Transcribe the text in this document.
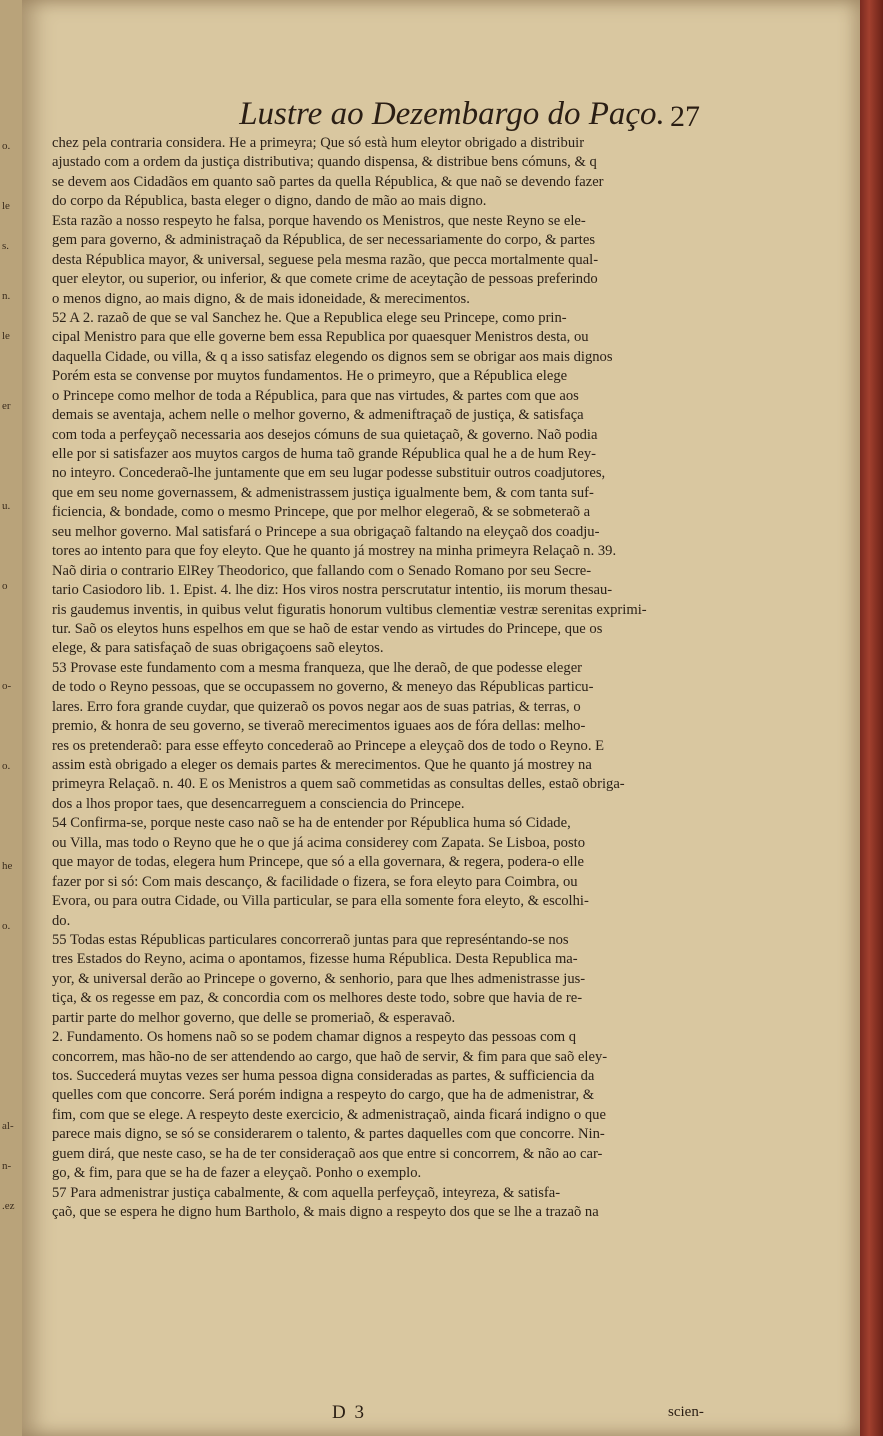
o.
le
s.
n.
le
er
u.
o
o-
o.
he
o.
al-
n-
.ez
Lustre ao Dezembargo do Paço. 27
chez pela contraria considera. He a primeyra; Que só està hum eleytor obrigado a distribuir
ajustado com a ordem da justiça distributiva; quando dispensa, & distribue bens cómuns, & q
se devem aos Cidadãos em quanto saõ partes da quella Républica, & que naõ se devendo fazer
do corpo da Républica, basta eleger o digno, dando de mão ao mais digno.
Esta razão a nosso respeyto he falsa, porque havendo os Menistros, que neste Reyno se ele-
gem para governo, & administraçaõ da Républica, de ser necessariamente do corpo, & partes
desta Républica mayor, & universal, seguese pela mesma razão, que pecca mortalmente qual-
quer eleytor, ou superior, ou inferior, & que comete crime de aceytação de pessoas preferindo
o menos digno, ao mais digno, & de mais idoneidade, & merecimentos.
52 A 2. razaõ de que se val Sanchez he. Que a Republica elege seu Princepe, como prin-
cipal Menistro para que elle governe bem essa Republica por quaesquer Menistros desta, ou
daquella Cidade, ou villa, & q a isso satisfaz elegendo os dignos sem se obrigar aos mais dignos
Porém esta se convense por muytos fundamentos. He o primeyro, que a Républica elege
o Princepe como melhor de toda a Républica, para que nas virtudes, & partes com que aos
demais se aventaja, achem nelle o melhor governo, & admeniftraçaõ de justiça, & satisfaça
com toda a perfeyçaõ necessaria aos desejos cómuns de sua quietaçaõ, & governo. Naõ podia
elle por si satisfazer aos muytos cargos de huma taõ grande Républica qual he a de hum Rey-
no inteyro. Concederaõ-lhe juntamente que em seu lugar podesse substituir outros coadjutores,
que em seu nome governassem, & admenistrassem justiça igualmente bem, & com tanta suf-
ficiencia, & bondade, como o mesmo Princepe, que por melhor elegeraõ, & se sobmeteraõ a
seu melhor governo. Mal satisfará o Princepe a sua obrigaçaõ faltando na eleyçaõ dos coadju-
tores ao intento para que foy eleyto. Que he quanto já mostrey na minha primeyra Relaçaõ n. 39.
Naõ diria o contrario ElRey Theodorico, que fallando com o Senado Romano por seu Secre-
tario Casiodoro lib. 1. Epist. 4. lhe diz: Hos viros nostra perscrutatur intentio, iis morum thesau-
ris gaudemus inventis, in quibus velut figuratis honorum vultibus clementiæ vestræ serenitas exprimi-
tur. Saõ os eleytos huns espelhos em que se haõ de estar vendo as virtudes do Princepe, que os
elege, & para satisfaçaõ de suas obrigaçoens saõ eleytos.
53 Provase este fundamento com a mesma franqueza, que lhe deraõ, de que podesse eleger
de todo o Reyno pessoas, que se occupassem no governo, & meneyo das Républicas particu-
lares. Erro fora grande cuydar, que quizeraõ os povos negar aos de suas patrias, & terras, o
premio, & honra de seu governo, se tiveraõ merecimentos iguaes aos de fóra dellas: melho-
res os pretenderaõ: para esse effeyto concederaõ ao Princepe a eleyçaõ dos de todo o Reyno. E
assim està obrigado a eleger os demais partes & merecimentos. Que he quanto já mostrey na
primeyra Relaçaõ. n. 40. E os Menistros a quem saõ commetidas as consultas delles, estaõ obriga-
dos a lhos propor taes, que desencarreguem a consciencia do Princepe.
54 Confirma-se, porque neste caso naõ se ha de entender por Républica huma só Cidade,
ou Villa, mas todo o Reyno que he o que já acima considerey com Zapata. Se Lisboa, posto
que mayor de todas, elegera hum Princepe, que só a ella governara, & regera, podera-o elle
fazer por si só: Com mais descanço, & facilidade o fizera, se fora eleyto para Coimbra, ou
Evora, ou para outra Cidade, ou Villa particular, se para ella somente fora eleyto, & escolhi-
do.
55 Todas estas Républicas particulares concorreraõ juntas para que represéntando-se nos
tres Estados do Reyno, acima o apontamos, fizesse huma Républica. Desta Republica ma-
yor, & universal derão ao Princepe o governo, & senhorio, para que lhes admenistrasse jus-
tiça, & os regesse em paz, & concordia com os melhores deste todo, sobre que havia de re-
partir parte do melhor governo, que delle se promeriaõ, & esperavaõ.
2. Fundamento. Os homens naõ so se podem chamar dignos a respeyto das pessoas com q
concorrem, mas hão-no de ser attendendo ao cargo, que haõ de servir, & fim para que saõ eley-
tos. Succederá muytas vezes ser huma pessoa digna consideradas as partes, & sufficiencia da
quelles com que concorre. Será porém indigna a respeyto do cargo, que ha de admenistrar, &
fim, com que se elege. A respeyto deste exercicio, & admenistraçaõ, ainda ficará indigno o que
parece mais digno, se só se considerarem o talento, & partes daquelles com que concorre. Nin-
guem dirá, que neste caso, se ha de ter consideraçaõ aos que entre si concorrem, & não ao car-
go, & fim, para que se ha de fazer a eleyçaõ. Ponho o exemplo.
57 Para admenistrar justiça cabalmente, & com aquella perfeyçaõ, inteyreza, & satisfa-
çaõ, que se espera he digno hum Bartholo, & mais digno a respeyto dos que se lhe a trazaõ na
D 3	scien-
